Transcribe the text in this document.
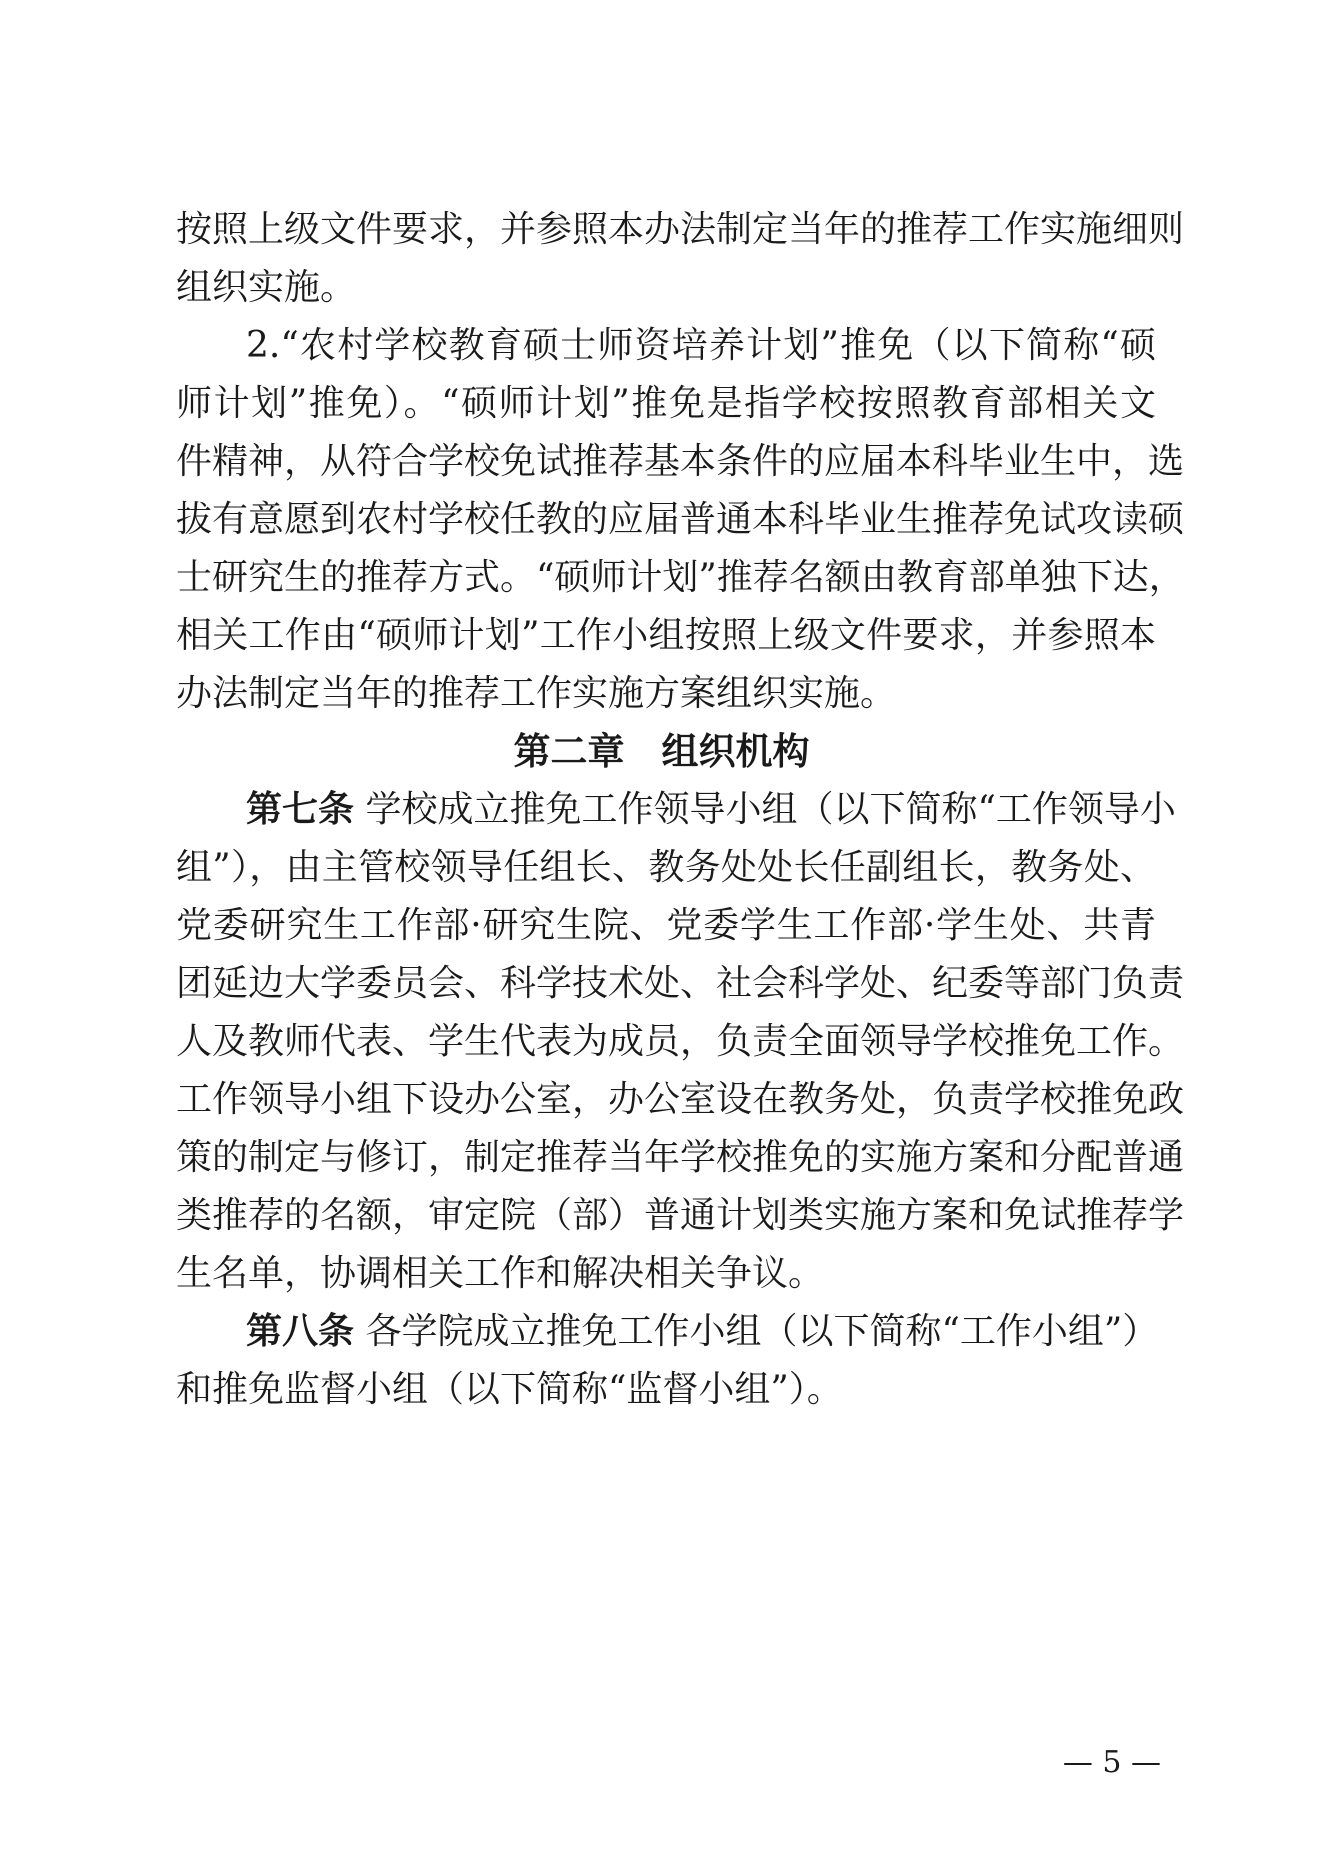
按照上级文件要求，并参照本办法制定当年的推荐工作实施细则
组织实施。
2.“农村学校教育硕士师资培养计划”推免（以下简称“硕
师计划”推免）。“硕师计划”推免是指学校按照教育部相关文
件精神，从符合学校免试推荐基本条件的应届本科毕业生中，选
拔有意愿到农村学校任教的应届普通本科毕业生推荐免试攻读硕
士研究生的推荐方式。“硕师计划”推荐名额由教育部单独下达，
相关工作由“硕师计划”工作小组按照上级文件要求，并参照本
办法制定当年的推荐工作实施方案组织实施。
第二章　组织机构
第七条 学校成立推免工作领导小组（以下简称“工作领导小
组”），由主管校领导任组长、教务处处长任副组长，教务处、
党委研究生工作部·研究生院、党委学生工作部·学生处、共青
团延边大学委员会、科学技术处、社会科学处、纪委等部门负责
人及教师代表、学生代表为成员，负责全面领导学校推免工作。
工作领导小组下设办公室，办公室设在教务处，负责学校推免政
策的制定与修订，制定推荐当年学校推免的实施方案和分配普通
类推荐的名额，审定院（部）普通计划类实施方案和免试推荐学
生名单，协调相关工作和解决相关争议。
第八条 各学院成立推免工作小组（以下简称“工作小组”）
和推免监督小组（以下简称“监督小组”）。
— 5 —
